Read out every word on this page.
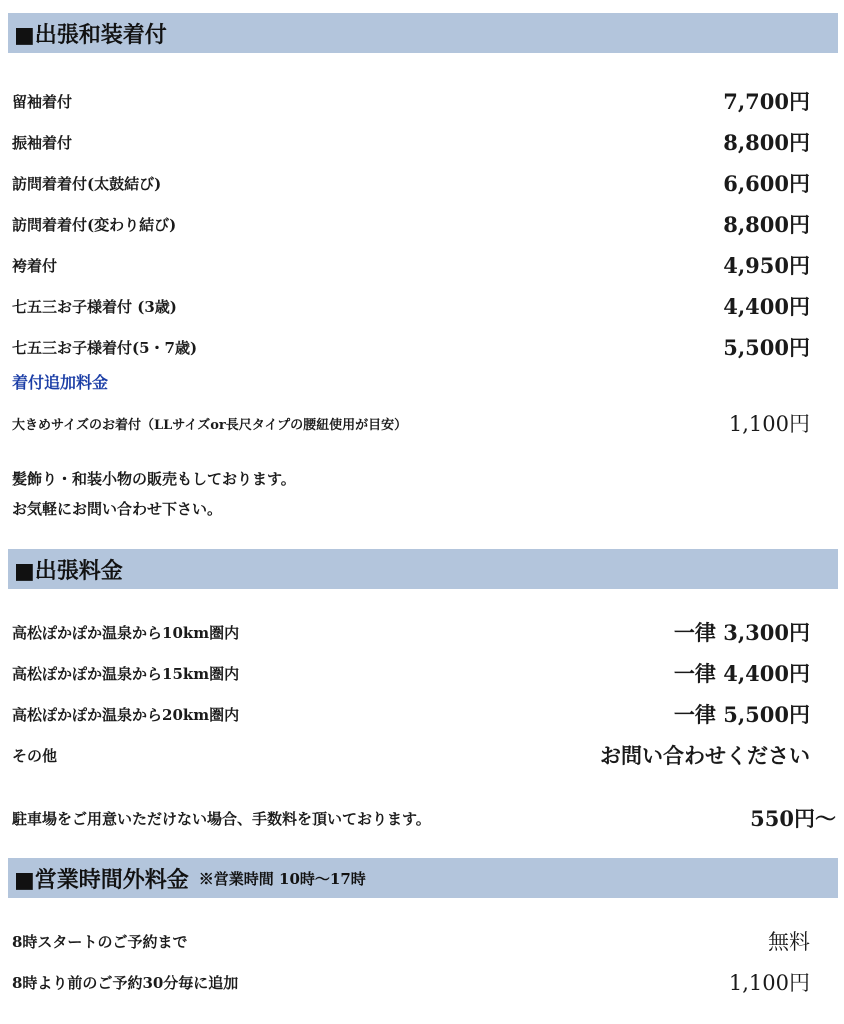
■出張和装着付
留袖着付	7,700円
振袖着付	8,800円
訪問着着付(太鼓結び)	6,600円
訪問着着付(変わり結び)	8,800円
袴着付	4,950円
七五三お子様着付 (3歳)	4,400円
七五三お子様着付(5・7歳)	5,500円
着付追加料金
大きめサイズのお着付（LLサイズor長尺タイプの腰紐使用が目安）	1,100円
髪飾り・和装小物の販売もしております。
お気軽にお問い合わせ下さい。
■出張料金
高松ぽかぽか温泉から10km圏内	一律 3,300円
高松ぽかぽか温泉から15km圏内	一律 4,400円
高松ぽかぽか温泉から20km圏内	一律 5,500円
その他	お問い合わせください
駐車場をご用意いただけない場合、手数料を頂いております。	550円～
■営業時間外料金 ※営業時間 10時～17時
8時スタートのご予約まで	無料
8時より前のご予約30分毎に追加	1,100円
